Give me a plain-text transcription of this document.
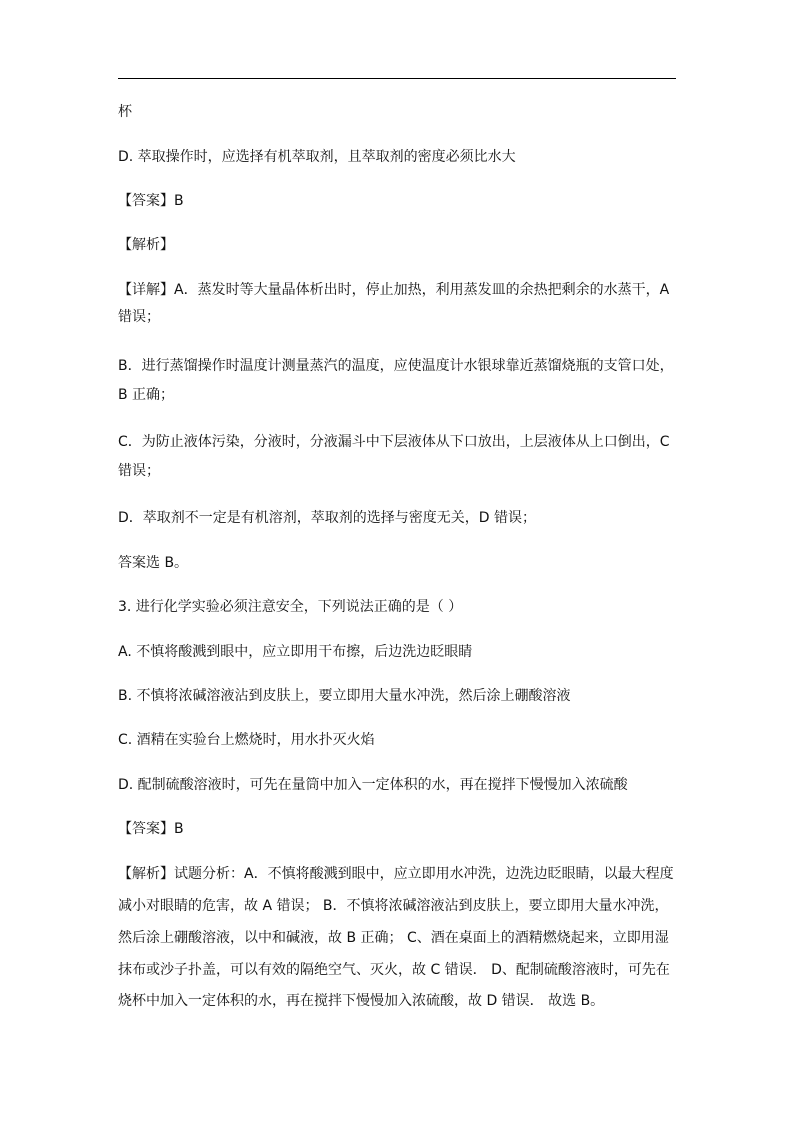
杯
D. 萃取操作时，应选择有机萃取剂，且萃取剂的密度必须比水大
【答案】B
【解析】
【详解】A．蒸发时等大量晶体析出时，停止加热，利用蒸发皿的余热把剩余的水蒸干，A
错误；
B．进行蒸馏操作时温度计测量蒸汽的温度，应使温度计水银球靠近蒸馏烧瓶的支管口处，
B 正确；
C．为防止液体污染，分液时，分液漏斗中下层液体从下口放出，上层液体从上口倒出，C
错误；
D．萃取剂不一定是有机溶剂，萃取剂的选择与密度无关，D 错误；
答案选 B。
3. 进行化学实验必须注意安全，下列说法正确的是（ ）
A. 不慎将酸溅到眼中，应立即用干布擦，后边洗边眨眼睛
B. 不慎将浓碱溶液沾到皮肤上，要立即用大量水冲洗，然后涂上硼酸溶液
C. 酒精在实验台上燃烧时，用水扑灭火焰
D. 配制硫酸溶液时，可先在量筒中加入一定体积的水，再在搅拌下慢慢加入浓硫酸
【答案】B
【解析】试题分析：A．不慎将酸溅到眼中，应立即用水冲洗，边洗边眨眼睛，以最大程度
减小对眼睛的危害，故 A 错误； B．不慎将浓碱溶液沾到皮肤上，要立即用大量水冲洗，
然后涂上硼酸溶液，以中和碱液，故 B 正确； C、酒在桌面上的酒精燃烧起来，立即用湿
抹布或沙子扑盖，可以有效的隔绝空气、灭火，故 C 错误． D、配制硫酸溶液时，可先在
烧杯中加入一定体积的水，再在搅拌下慢慢加入浓硫酸，故 D 错误． 故选 B。
